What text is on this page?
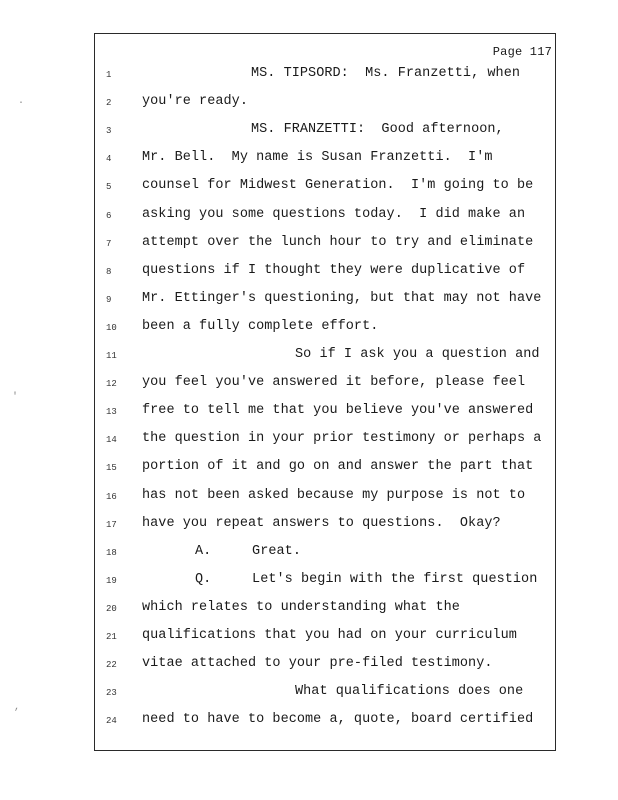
Page 117
1	MS. TIPSORD:  Ms. Franzetti, when
2	you're ready.
3	MS. FRANZETTI:  Good afternoon,
4	Mr. Bell.  My name is Susan Franzetti.  I'm
5	counsel for Midwest Generation.  I'm going to be
6	asking you some questions today.  I did make an
7	attempt over the lunch hour to try and eliminate
8	questions if I thought they were duplicative of
9	Mr. Ettinger's questioning, but that may not have
10 been a fully complete effort.
11	So if I ask you a question and
12 you feel you've answered it before, please feel
13 free to tell me that you believe you've answered
14 the question in your prior testimony or perhaps a
15 portion of it and go on and answer the part that
16 has not been asked because my purpose is not to
17 have you repeat answers to questions.  Okay?
18	A.     Great.
19	Q.     Let's begin with the first question
20 which relates to understanding what the
21 qualifications that you had on your curriculum
22 vitae attached to your pre-filed testimony.
23	What qualifications does one
24 need to have to become a, quote, board certified
·
'
,
